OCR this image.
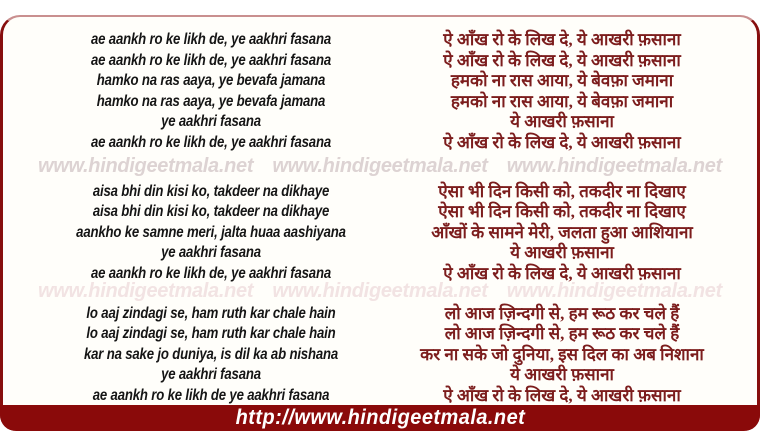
www.hindigeetmala.net www.hindigeetmala.net www.hindigeetmala.net
www.hindigeetmala.net www.hindigeetmala.net www.hindigeetmala.net
ae aankh ro ke likh de, ye aakhri fasana
ae aankh ro ke likh de, ye aakhri fasana
hamko na ras aaya, ye bevafa jamana
hamko na ras aaya, ye bevafa jamana
ye aakhri fasana
ae aankh ro ke likh de, ye aakhri fasana
aisa bhi din kisi ko, takdeer na dikhaye
aisa bhi din kisi ko, takdeer na dikhaye
aankho ke samne meri, jalta huaa aashiyana
ye aakhri fasana
ae aankh ro ke likh de, ye aakhri fasana
lo aaj zindagi se, ham ruth kar chale hain
lo aaj zindagi se, ham ruth kar chale hain
kar na sake jo duniya, is dil ka ab nishana
ye aakhri fasana
ae aankh ro ke likh de ye aakhri fasana
ऐ आँख रो के लिख दे, ये आखरी फ़साना
ऐ आँख रो के लिख दे, ये आखरी फ़साना
हमको ना रास आया, ये बेवफ़ा जमाना
हमको ना रास आया, ये बेवफ़ा जमाना
ये आखरी फ़साना
ऐ आँख रो के लिख दे, ये आखरी फ़साना
ऐसा भी दिन किसी को, तकदीर ना दिखाए
ऐसा भी दिन किसी को, तकदीर ना दिखाए
आँखों के सामने मेरी, जलता हुआ आशियाना
ये आखरी फ़साना
ऐ आँख रो के लिख दे, ये आखरी फ़साना
लो आज ज़िन्दगी से, हम रूठ कर चले हैं
लो आज ज़िन्दगी से, हम रूठ कर चले हैं
कर ना सके जो दुनिया, इस दिल का अब निशाना
ये आखरी फ़साना
ऐ आँख रो के लिख दे, ये आखरी फ़साना
http://www.hindigeetmala.net
